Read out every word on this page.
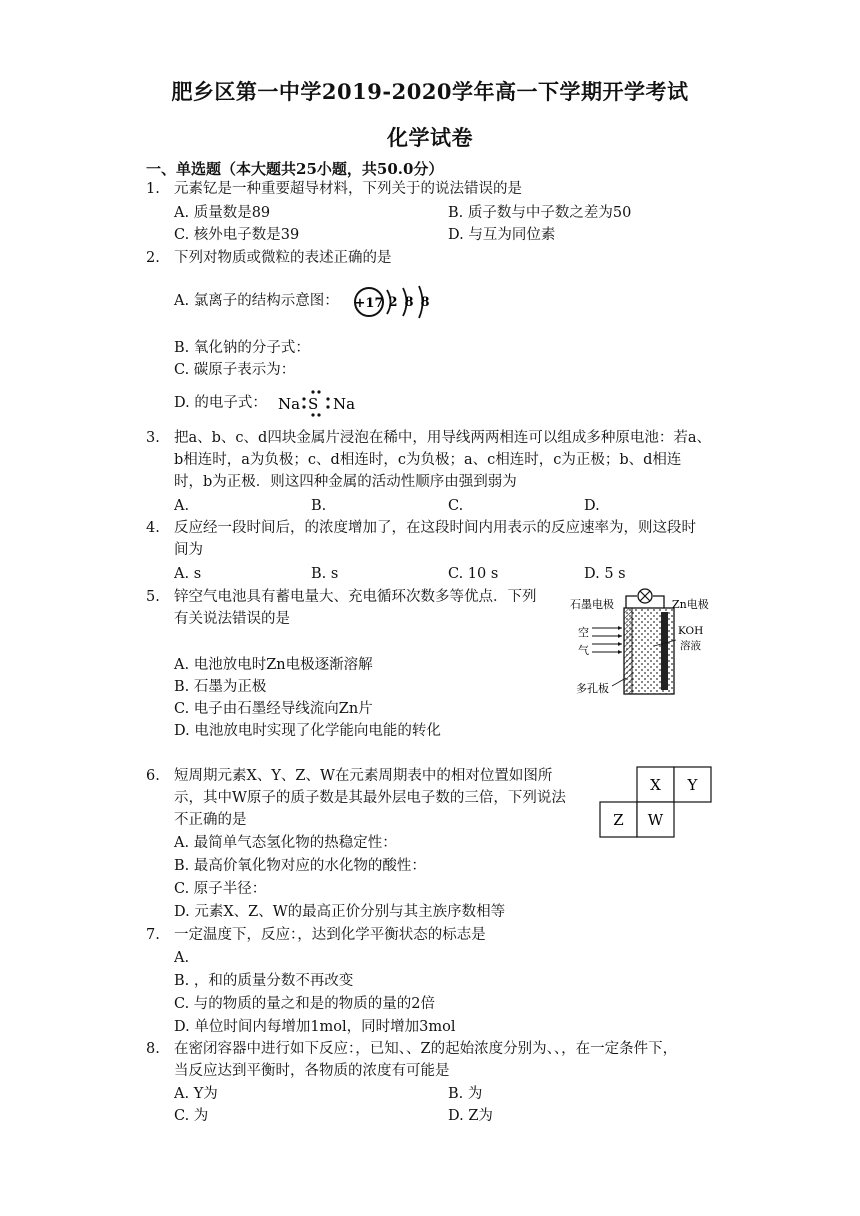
肥乡区第一中学2019-2020学年高一下学期开学考试
化学试卷
一、单选题（本大题共25小题，共50.0分）
1. 元素钇是一种重要超导材料，下列关于的说法错误的是
A. 质量数是89	B. 质子数与中子数之差为50
C. 核外电子数是39	D. 与互为同位素
2. 下列对物质或微粒的表述正确的是
A. 氯离子的结构示意图： +17 2 8 8
B. 氧化钠的分子式：
C. 碳原子表示为：
D. 的电子式： Na S Na
3. 把a、b、c、d四块金属片浸泡在稀中，用导线两两相连可以组成多种原电池：若a、
b相连时，a为负极；c、d相连时，c为负极；a、c相连时，c为正极；b、d相连
时，b为正极．则这四种金属的活动性顺序由强到弱为
A.	B.	C.	D.
4. 反应经一段时间后，的浓度增加了，在这段时间内用表示的反应速率为，则这段时
间为
A. s	B. s	C. 10 s	D. 5 s
5. 锌空气电池具有蓄电量大、充电循环次数多等优点．下列
有关说法错误的是
A. 电池放电时Zn电极逐渐溶解
B. 石墨为正极
C. 电子由石墨经导线流向Zn片
D. 电池放电时实现了化学能向电能的转化
石墨电极	Zn电极
空
气
KOH
溶液
多孔板
6. 短周期元素X、Y、Z、W在元素周期表中的相对位置如图所
示，其中W原子的质子数是其最外层电子数的三倍，下列说法
不正确的是
A. 最简单气态氢化物的热稳定性：
B. 最高价氧化物对应的水化物的酸性：
C. 原子半径：
D. 元素X、Z、W的最高正价分别与其主族序数相等
X Y
Z W
7. 一定温度下，反应：，达到化学平衡状态的标志是
A.
B. ，和的质量分数不再改变
C. 与的物质的量之和是的物质的量的2倍
D. 单位时间内每增加1mol，同时增加3mol
8. 在密闭容器中进行如下反应：，已知、、Z的起始浓度分别为、、，在一定条件下，
当反应达到平衡时，各物质的浓度有可能是
A. Y为	B. 为
C. 为	D. Z为
